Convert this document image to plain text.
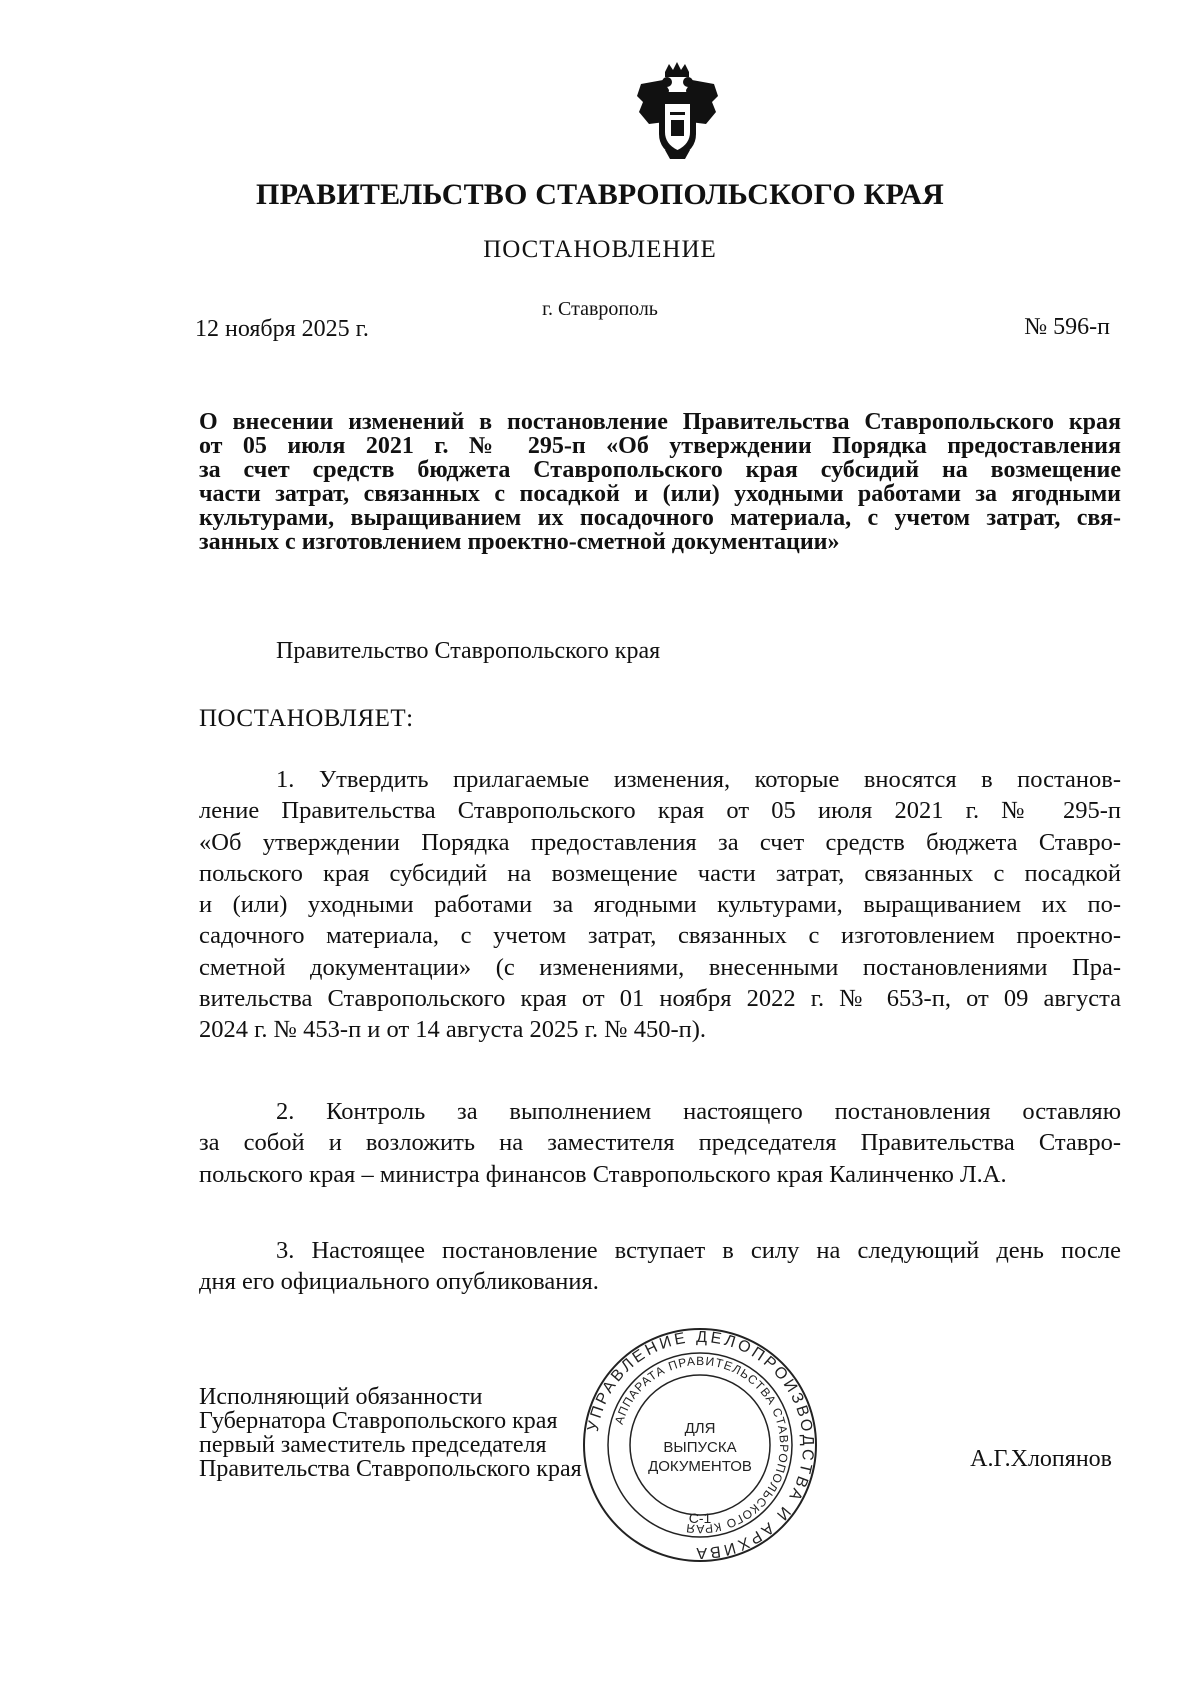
ПРАВИТЕЛЬСТВО СТАВРОПОЛЬСКОГО КРАЯ
ПОСТАНОВЛЕНИЕ
г. Ставрополь
12 ноября 2025 г.	№ 596-п
О внесении изменений в постановление Правительства Ставропольского края
от 05 июля 2021 г. № 295-п «Об утверждении Порядка предоставления
за счет средств бюджета Ставропольского края субсидий на возмещение
части затрат, связанных с посадкой и (или) уходными работами за ягодными
культурами, выращиванием их посадочного материала, с учетом затрат, свя-
занных с изготовлением проектно-сметной документации»
Правительство Ставропольского края
ПОСТАНОВЛЯЕТ:
1. Утвердить прилагаемые изменения, которые вносятся в постанов-
ление Правительства Ставропольского края от 05 июля 2021 г. № 295-п
«Об утверждении Порядка предоставления за счет средств бюджета Ставро-
польского края субсидий на возмещение части затрат, связанных с посадкой
и (или) уходными работами за ягодными культурами, выращиванием их по-
садочного материала, с учетом затрат, связанных с изготовлением проектно-
сметной документации» (с изменениями, внесенными постановлениями Пра-
вительства Ставропольского края от 01 ноября 2022 г. № 653-п, от 09 августа
2024 г. № 453-п и от 14 августа 2025 г. № 450-п).
2. Контроль за выполнением настоящего постановления оставляю
за собой и возложить на заместителя председателя Правительства Ставро-
польского края – министра финансов Ставропольского края Калинченко Л.А.
3. Настоящее постановление вступает в силу на следующий день после
дня его официального опубликования.
Исполняющий обязанности
Губернатора Ставропольского края
первый заместитель председателя
Правительства Ставропольского края	А.Г.Хлопянов
УПРАВЛЕНИЕ ДЕЛОПРОИЗВОДСТВА И АРХИВА
АППАРАТА ПРАВИТЕЛЬСТВА СТАВРОПОЛЬСКОГО КРАЯ
ДЛЯ
ВЫПУСКА
ДОКУМЕНТОВ
С-1
